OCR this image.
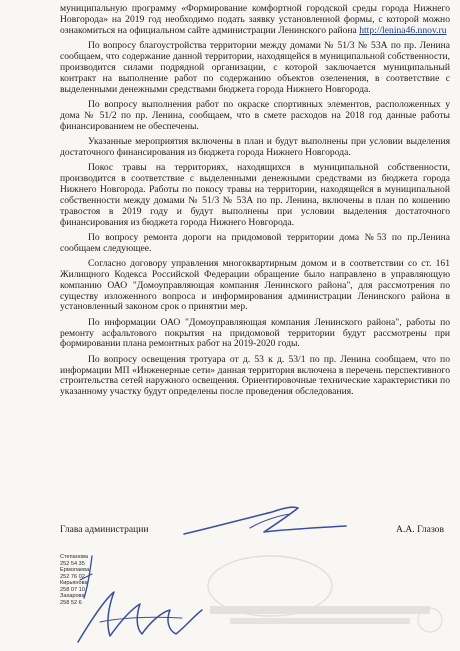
муниципальную программу «Формирование комфортной городской среды города Нижнего Новгорода» на 2019 год необходимо подать заявку установленной формы, с которой можно ознакомиться на официальном сайте администрации Ленинского района http://lenina46.nnov.ru

По вопросу благоустройства территории между домами № 51/3 № 53А по пр. Ленина сообщаем, что содержание данной территории, находящейся в муниципальной собственности, производится силами подрядной организации, с которой заключается муниципальный контракт на выполнение работ по содержанию объектов озеленения, в соответствие с выделенными денежными средствами бюджета города Нижнего Новгорода.

По вопросу выполнения работ по окраске спортивных элементов, расположенных у дома № 51/2 по пр. Ленина, сообщаем, что в смете расходов на 2018 год данные работы финансированием не обеспечены.

Указанные мероприятия включены в план и будут выполнены при условии выделения достаточного финансирования из бюджета города Нижнего Новгорода.

Покос травы на территориях, находящихся в муниципальной собственности, производится в соответствие с выделенными денежными средствами из бюджета города Нижнего Новгорода. Работы по покосу травы на территории, находящейся в муниципальной собственности между домами № 51/3 № 53А по пр. Ленина, включены в план по кошению травостоя в 2019 году и будут выполнены при условии выделения достаточного финансирования из бюджета города Нижнего Новгорода.

По вопросу ремонта дороги на придомовой территории дома №53 по пр.Ленина сообщаем следующее.

Согласно договору управления многоквартирным домом и в соответствии со ст. 161 Жилищного Кодекса Российской Федерации обращение было направлено в управляющую компанию ОАО "Домоуправляющая компания Ленинского района", для рассмотрения по существу изложенного вопроса и информирования администрации Ленинского района в установленный законом срок о принятии мер.

По информации ОАО "Домоуправляющая компания Ленинского района", работы по ремонту асфальтового покрытия на придомовой территории будут рассмотрены при формировании плана ремонтных работ на 2019-2020 годы.

По вопросу освещения тротуара от д. 53 к д. 53/1 по пр. Ленина сообщаем, что по информации МП «Инженерные сети» данная территория включена в перечень перспективного строительства сетей наружного освещения. Ориентировочные технические характеристики по указанному участку будут определены после проведения обследования.

Глава администрации	А.А. Глазов
Степанова
252 54 35
Ермолаева
252 76 02
Кирьянова
258 07 10
Захарова
258 52 6
